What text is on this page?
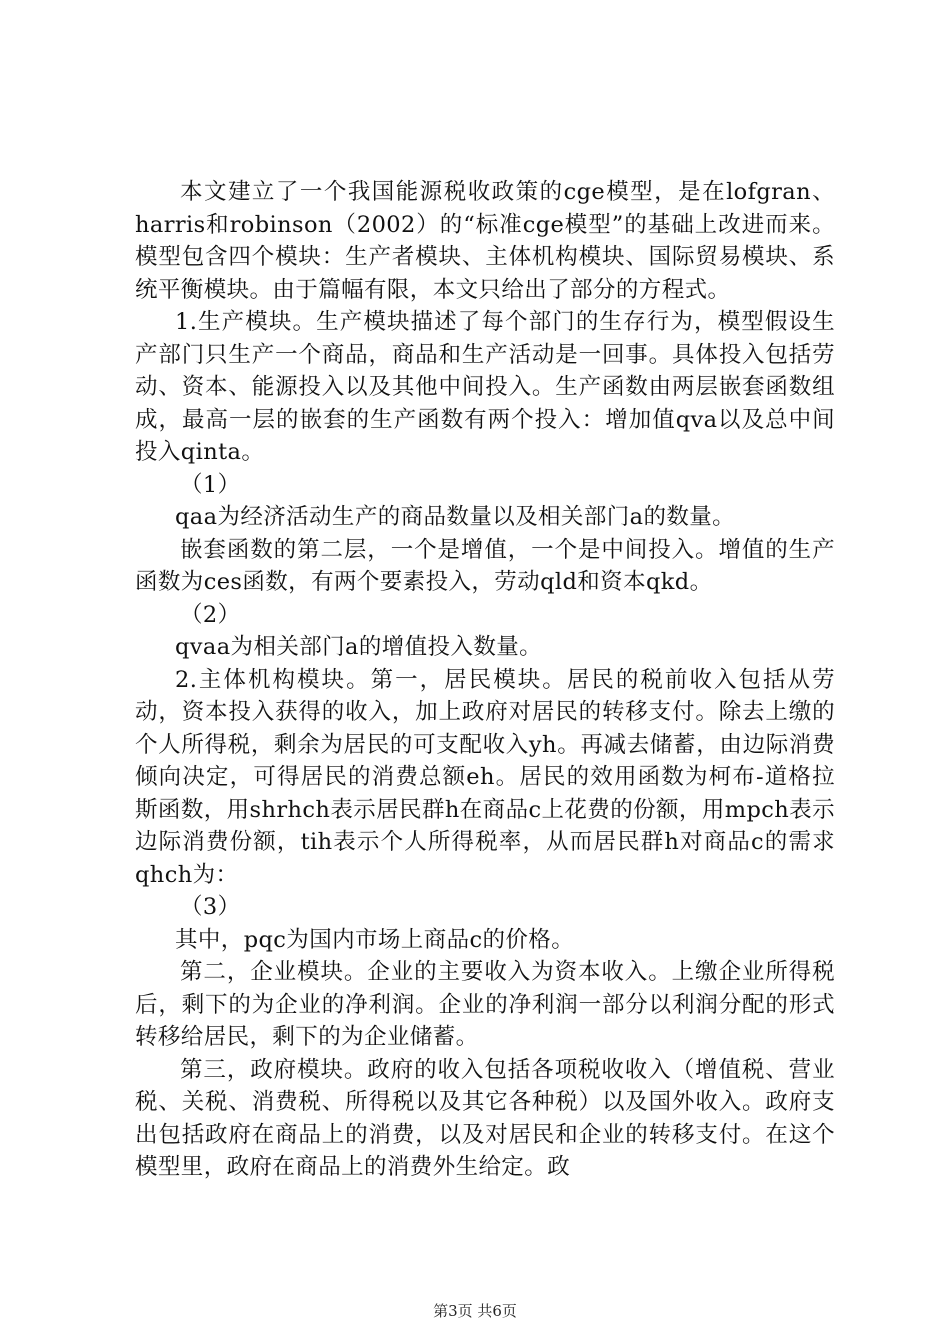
本文建立了一个我国能源税收政策的cge模型，是在lofgran、harris和robinson（2002）的“标准cge模型”的基础上改进而来。模型包含四个模块：生产者模块、主体机构模块、国际贸易模块、系统平衡模块。由于篇幅有限，本文只给出了部分的方程式。

1.生产模块。生产模块描述了每个部门的生存行为，模型假设生产部门只生产一个商品，商品和生产活动是一回事。具体投入包括劳动、资本、能源投入以及其他中间投入。生产函数由两层嵌套函数组成，最高一层的嵌套的生产函数有两个投入：增加值qva以及总中间投入qinta。

（1）

qaa为经济活动生产的商品数量以及相关部门a的数量。

嵌套函数的第二层，一个是增值，一个是中间投入。增值的生产函数为ces函数，有两个要素投入，劳动qld和资本qkd。

（2）

qvaa为相关部门a的增值投入数量。

2.主体机构模块。第一，居民模块。居民的税前收入包括从劳动，资本投入获得的收入，加上政府对居民的转移支付。除去上缴的个人所得税，剩余为居民的可支配收入yh。再减去储蓄，由边际消费倾向决定，可得居民的消费总额eh。居民的效用函数为柯布-道格拉斯函数，用shrhch表示居民群h在商品c上花费的份额，用mpch表示边际消费份额，tih表示个人所得税率，从而居民群h对商品c的需求qhch为：

（3）

其中，pqc为国内市场上商品c的价格。

第二，企业模块。企业的主要收入为资本收入。上缴企业所得税后，剩下的为企业的净利润。企业的净利润一部分以利润分配的形式转移给居民，剩下的为企业储蓄。

第三，政府模块。政府的收入包括各项税收收入（增值税、营业税、关税、消费税、所得税以及其它各种税）以及国外收入。政府支出包括政府在商品上的消费，以及对居民和企业的转移支付。在这个模型里，政府在商品上的消费外生给定。政

第3页 共6页
